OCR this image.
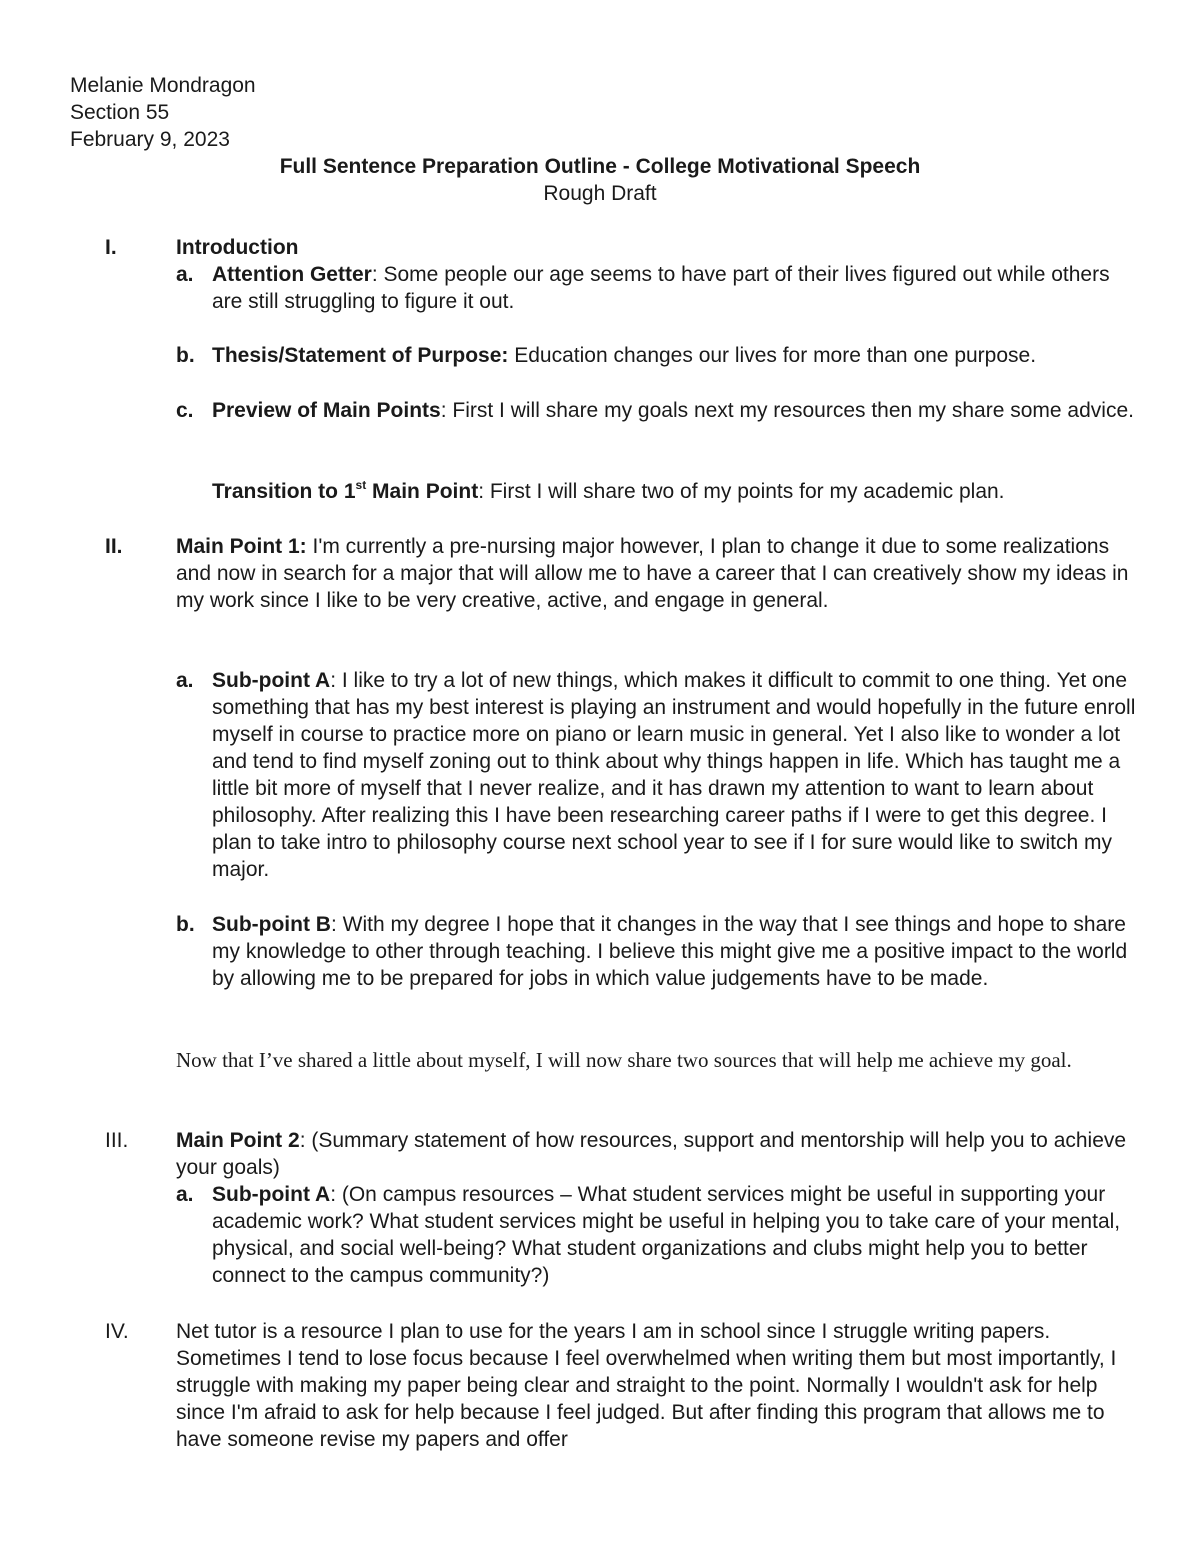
Melanie Mondragon
Section 55
February 9, 2023
Full Sentence Preparation Outline - College Motivational Speech
Rough Draft
I.	Introduction
a. Attention Getter: Some people our age seems to have part of their lives figured out while others are still struggling to figure it out.
b. Thesis/Statement of Purpose: Education changes our lives for more than one purpose.
c. Preview of Main Points: First I will share my goals next my resources then my share some advice.
Transition to 1st Main Point: First I will share two of my points for my academic plan.
II.	Main Point 1: I'm currently a pre-nursing major however, I plan to change it due to some realizations and now in search for a major that will allow me to have a career that I can creatively show my ideas in my work since I like to be very creative, active, and engage in general.
a. Sub-point A: I like to try a lot of new things, which makes it difficult to commit to one thing. Yet one something that has my best interest is playing an instrument and would hopefully in the future enroll myself in course to practice more on piano or learn music in general. Yet I also like to wonder a lot and tend to find myself zoning out to think about why things happen in life. Which has taught me a little bit more of myself that I never realize, and it has drawn my attention to want to learn about philosophy. After realizing this I have been researching career paths if I were to get this degree. I plan to take intro to philosophy course next school year to see if I for sure would like to switch my major.
b. Sub-point B: With my degree I hope that it changes in the way that I see things and hope to share my knowledge to other through teaching. I believe this might give me a positive impact to the world by allowing me to be prepared for jobs in which value judgements have to be made.
Now that I’ve shared a little about myself, I will now share two sources that will help me achieve my goal.
III. Main Point 2: (Summary statement of how resources, support and mentorship will help you to achieve your goals)
a. Sub-point A: (On campus resources – What student services might be useful in supporting your academic work? What student services might be useful in helping you to take care of your mental, physical, and social well-being? What student organizations and clubs might help you to better connect to the campus community?)
IV. Net tutor is a resource I plan to use for the years I am in school since I struggle writing papers. Sometimes I tend to lose focus because I feel overwhelmed when writing them but most importantly, I struggle with making my paper being clear and straight to the point. Normally I wouldn't ask for help since I'm afraid to ask for help because I feel judged. But after finding this program that allows me to have someone revise my papers and offer
